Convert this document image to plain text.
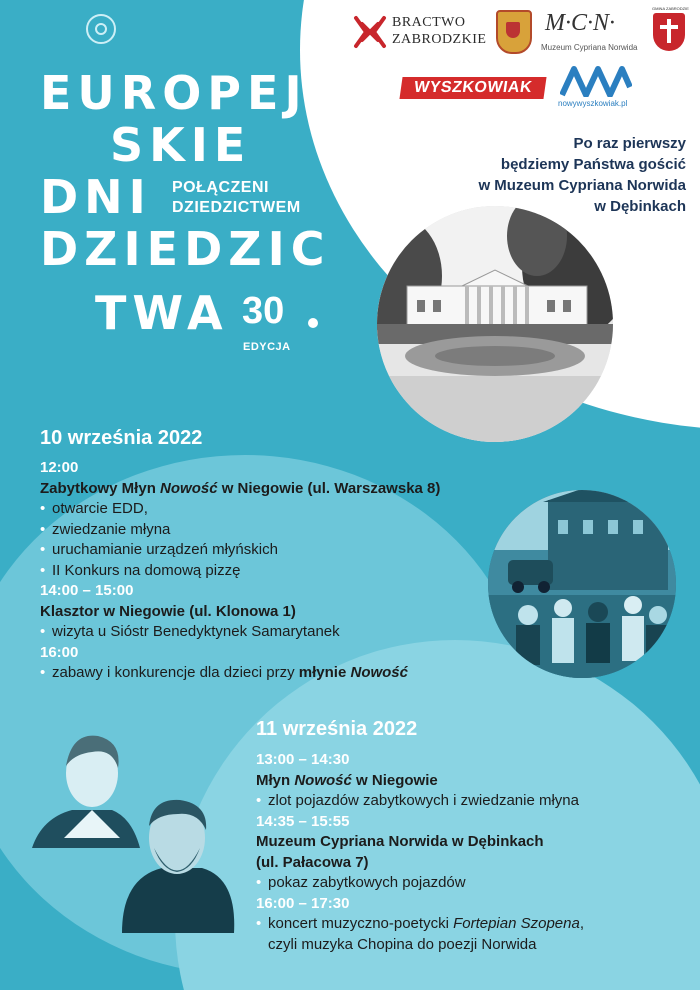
EUROPEJ
SKIE
DNI
DZIEDZIC
TWA
POŁĄCZENI
DZIEDZICTWEM
30
EDYCJA
BRACTWO
ZABRODZKIE
M·C·N·
Muzeum Cypriana Norwida
GMINA ZABRODZIE
WYSZKOWIAK
nowywyszkowiak.pl
Po raz pierwszy
będziemy Państwa gościć
w Muzeum Cypriana Norwida
w Dębinkach
10 września 2022
12:00
Zabytkowy Młyn Nowość w Niegowie (ul. Warszawska 8)
• otwarcie EDD,
• zwiedzanie młyna
• uruchamianie urządzeń młyńskich
• II Konkurs na domową pizzę
14:00 – 15:00
Klasztor w Niegowie (ul. Klonowa 1)
• wizyta u Sióstr Benedyktynek Samarytanek
16:00
• zabawy i konkurencje dla dzieci przy młynie Nowość
11 września 2022
13:00 – 14:30
Młyn Nowość w Niegowie
• zlot pojazdów zabytkowych i zwiedzanie młyna
14:35 – 15:55
Muzeum Cypriana Norwida w Dębinkach
(ul. Pałacowa 7)
• pokaz zabytkowych pojazdów
16:00 – 17:30
• koncert muzyczno-poetycki Fortepian Szopena,
czyli muzyka Chopina do poezji Norwida
